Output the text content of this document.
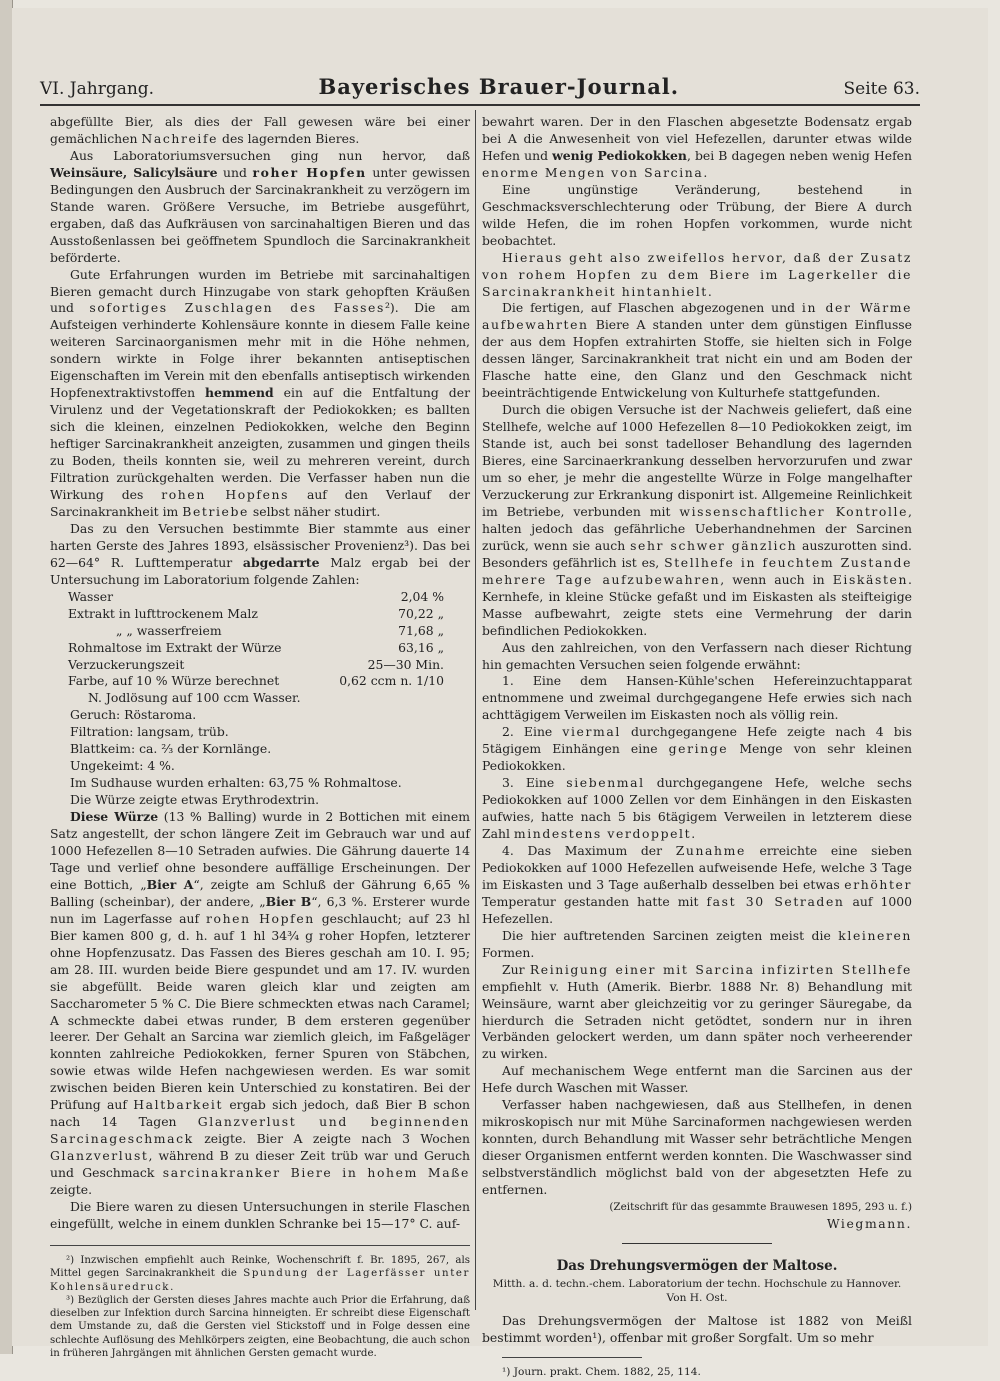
VI. Jahrgang.	Bayerisches Brauer-Journal.	Seite 63.

abgefüllte Bier, als dies der Fall gewesen wäre bei einer gemächlichen Nachreife des lagernden Bieres.

Aus Laboratoriumsversuchen ging nun hervor, daß Weinsäure, Salicylsäure und roher Hopfen unter gewissen Bedingungen den Ausbruch der Sarcinakrankheit zu verzögern im Stande waren. Größere Versuche, im Betriebe ausgeführt, ergaben, daß das Aufkräusen von sarcinahaltigen Bieren und das Ausstoßenlassen bei geöffnetem Spundloch die Sarcinakrankheit beförderte.

Gute Erfahrungen wurden im Betriebe mit sarcinahaltigen Bieren gemacht durch Hinzugabe von stark gehopften Kräußen und sofortiges Zuschlagen des Fasses²). Die am Aufsteigen verhinderte Kohlensäure konnte in diesem Falle keine weiteren Sarcinaorganismen mehr mit in die Höhe nehmen, sondern wirkte in Folge ihrer bekannten antiseptischen Eigenschaften im Verein mit den ebenfalls antiseptisch wirkenden Hopfenextraktivstoffen hemmend ein auf die Entfaltung der Virulenz und der Vegetationskraft der Pediokokken; es ballten sich die kleinen, einzelnen Pediokokken, welche den Beginn heftiger Sarcinakrankheit anzeigten, zusammen und gingen theils zu Boden, theils konnten sie, weil zu mehreren vereint, durch Filtration zurückgehalten werden. Die Verfasser haben nun die Wirkung des rohen Hopfens auf den Verlauf der Sarcinakrankheit im Betriebe selbst näher studirt.

Das zu den Versuchen bestimmte Bier stammte aus einer harten Gerste des Jahres 1893, elsässischer Provenienz³). Das bei 62—64° R. Lufttemperatur abgedarrte Malz ergab bei der Untersuchung im Laboratorium folgende Zahlen:

Wasser	2,04 %
Extrakt in lufttrockenem Malz	70,22 „
„ „ wasserfreiem	71,68 „
Rohmaltose im Extrakt der Würze	63,16 „
Verzuckerungszeit	25—30 Min.
Farbe, auf 10 % Würze berechnet	0,62 ccm n. 1/10
N. Jodlösung auf 100 ccm Wasser.	

Geruch: Röstaroma.

Filtration: langsam, trüb.

Blattkeim: ca. ⅔ der Kornlänge.

Ungekeimt: 4 %.

Im Sudhause wurden erhalten: 63,75 % Rohmaltose.

Die Würze zeigte etwas Erythrodextrin.

Diese Würze (13 % Balling) wurde in 2 Bottichen mit einem Satz angestellt, der schon längere Zeit im Gebrauch war und auf 1000 Hefezellen 8—10 Setraden aufwies. Die Gährung dauerte 14 Tage und verlief ohne besondere auffällige Erscheinungen. Der eine Bottich, „Bier A“, zeigte am Schluß der Gährung 6,65 % Balling (scheinbar), der andere, „Bier B“, 6,3 %. Ersterer wurde nun im Lagerfasse auf rohen Hopfen geschlaucht; auf 23 hl Bier kamen 800 g, d. h. auf 1 hl 34¾ g roher Hopfen, letzterer ohne Hopfenzusatz. Das Fassen des Bieres geschah am 10. I. 95; am 28. III. wurden beide Biere gespundet und am 17. IV. wurden sie abgefüllt. Beide waren gleich klar und zeigten am Saccharometer 5 % C. Die Biere schmeckten etwas nach Caramel; A schmeckte dabei etwas runder, B dem ersteren gegenüber leerer. Der Gehalt an Sarcina war ziemlich gleich, im Faßgeläger konnten zahlreiche Pediokokken, ferner Spuren von Stäbchen, sowie etwas wilde Hefen nachgewiesen werden. Es war somit zwischen beiden Bieren kein Unterschied zu konstatiren. Bei der Prüfung auf Haltbarkeit ergab sich jedoch, daß Bier B schon nach 14 Tagen Glanzverlust und beginnenden Sarcinageschmack zeigte. Bier A zeigte nach 3 Wochen Glanzverlust, während B zu dieser Zeit trüb war und Geruch und Geschmack sarcinakranker Biere in hohem Maße zeigte.

Die Biere waren zu diesen Untersuchungen in sterile Flaschen eingefüllt, welche in einem dunklen Schranke bei 15—17° C. auf-

²) Inzwischen empfiehlt auch Reinke, Wochenschrift f. Br. 1895, 267, als Mittel gegen Sarcinakrankheit die Spundung der Lagerfässer unter Kohlensäuredruck.

³) Bezüglich der Gersten dieses Jahres machte auch Prior die Erfahrung, daß dieselben zur Infektion durch Sarcina hinneigten. Er schreibt diese Eigenschaft dem Umstande zu, daß die Gersten viel Stickstoff und in Folge dessen eine schlechte Auflösung des Mehlkörpers zeigten, eine Beobachtung, die auch schon in früheren Jahrgängen mit ähnlichen Gersten gemacht wurde.

bewahrt waren. Der in den Flaschen abgesetzte Bodensatz ergab bei A die Anwesenheit von viel Hefezellen, darunter etwas wilde Hefen und wenig Pediokokken, bei B dagegen neben wenig Hefen enorme Mengen von Sarcina.

Eine ungünstige Veränderung, bestehend in Geschmacksverschlechterung oder Trübung, der Biere A durch wilde Hefen, die im rohen Hopfen vorkommen, wurde nicht beobachtet.

Hieraus geht also zweifellos hervor, daß der Zusatz von rohem Hopfen zu dem Biere im Lagerkeller die Sarcinakrankheit hintanhielt.

Die fertigen, auf Flaschen abgezogenen und in der Wärme aufbewahrten Biere A standen unter dem günstigen Einflusse der aus dem Hopfen extrahirten Stoffe, sie hielten sich in Folge dessen länger, Sarcinakrankheit trat nicht ein und am Boden der Flasche hatte eine, den Glanz und den Geschmack nicht beeinträchtigende Entwickelung von Kulturhefe stattgefunden.

Durch die obigen Versuche ist der Nachweis geliefert, daß eine Stellhefe, welche auf 1000 Hefezellen 8—10 Pediokokken zeigt, im Stande ist, auch bei sonst tadelloser Behandlung des lagernden Bieres, eine Sarcinaerkrankung desselben hervorzurufen und zwar um so eher, je mehr die angestellte Würze in Folge mangelhafter Verzuckerung zur Erkrankung disponirt ist. Allgemeine Reinlichkeit im Betriebe, verbunden mit wissenschaftlicher Kontrolle, halten jedoch das gefährliche Ueberhandnehmen der Sarcinen zurück, wenn sie auch sehr schwer gänzlich auszurotten sind. Besonders gefährlich ist es, Stellhefe in feuchtem Zustande mehrere Tage aufzubewahren, wenn auch in Eiskästen. Kernhefe, in kleine Stücke gefaßt und im Eiskasten als steifteigige Masse aufbewahrt, zeigte stets eine Vermehrung der darin befindlichen Pediokokken.

Aus den zahlreichen, von den Verfassern nach dieser Richtung hin gemachten Versuchen seien folgende erwähnt:

1. Eine dem Hansen-Kühle'schen Hefereinzuchtapparat entnommene und zweimal durchgegangene Hefe erwies sich nach achttägigem Verweilen im Eiskasten noch als völlig rein.

2. Eine viermal durchgegangene Hefe zeigte nach 4 bis 5tägigem Einhängen eine geringe Menge von sehr kleinen Pediokokken.

3. Eine siebenmal durchgegangene Hefe, welche sechs Pediokokken auf 1000 Zellen vor dem Einhängen in den Eiskasten aufwies, hatte nach 5 bis 6tägigem Verweilen in letzterem diese Zahl mindestens verdoppelt.

4. Das Maximum der Zunahme erreichte eine sieben Pediokokken auf 1000 Hefezellen aufweisende Hefe, welche 3 Tage im Eiskasten und 3 Tage außerhalb desselben bei etwas erhöhter Temperatur gestanden hatte mit fast 30 Setraden auf 1000 Hefezellen.

Die hier auftretenden Sarcinen zeigten meist die kleineren Formen.

Zur Reinigung einer mit Sarcina infizirten Stellhefe empfiehlt v. Huth (Amerik. Bierbr. 1888 Nr. 8) Behandlung mit Weinsäure, warnt aber gleichzeitig vor zu geringer Säuregabe, da hierdurch die Setraden nicht getödtet, sondern nur in ihren Verbänden gelockert werden, um dann später noch verheerender zu wirken.

Auf mechanischem Wege entfernt man die Sarcinen aus der Hefe durch Waschen mit Wasser.

Verfasser haben nachgewiesen, daß aus Stellhefen, in denen mikroskopisch nur mit Mühe Sarcinaformen nachgewiesen werden konnten, durch Behandlung mit Wasser sehr beträchtliche Mengen dieser Organismen entfernt werden konnten. Die Waschwasser sind selbstverständlich möglichst bald von der abgesetzten Hefe zu entfernen.

(Zeitschrift für das gesammte Brauwesen 1895, 293 u. f.)

Wiegmann.

Das Drehungsvermögen der Maltose.

Mitth. a. d. techn.-chem. Laboratorium der techn. Hochschule zu Hannover.

Von H. Ost.

Das Drehungsvermögen der Maltose ist 1882 von Meißl bestimmt worden¹), offenbar mit großer Sorgfalt. Um so mehr

¹) Journ. prakt. Chem. 1882, 25, 114.
